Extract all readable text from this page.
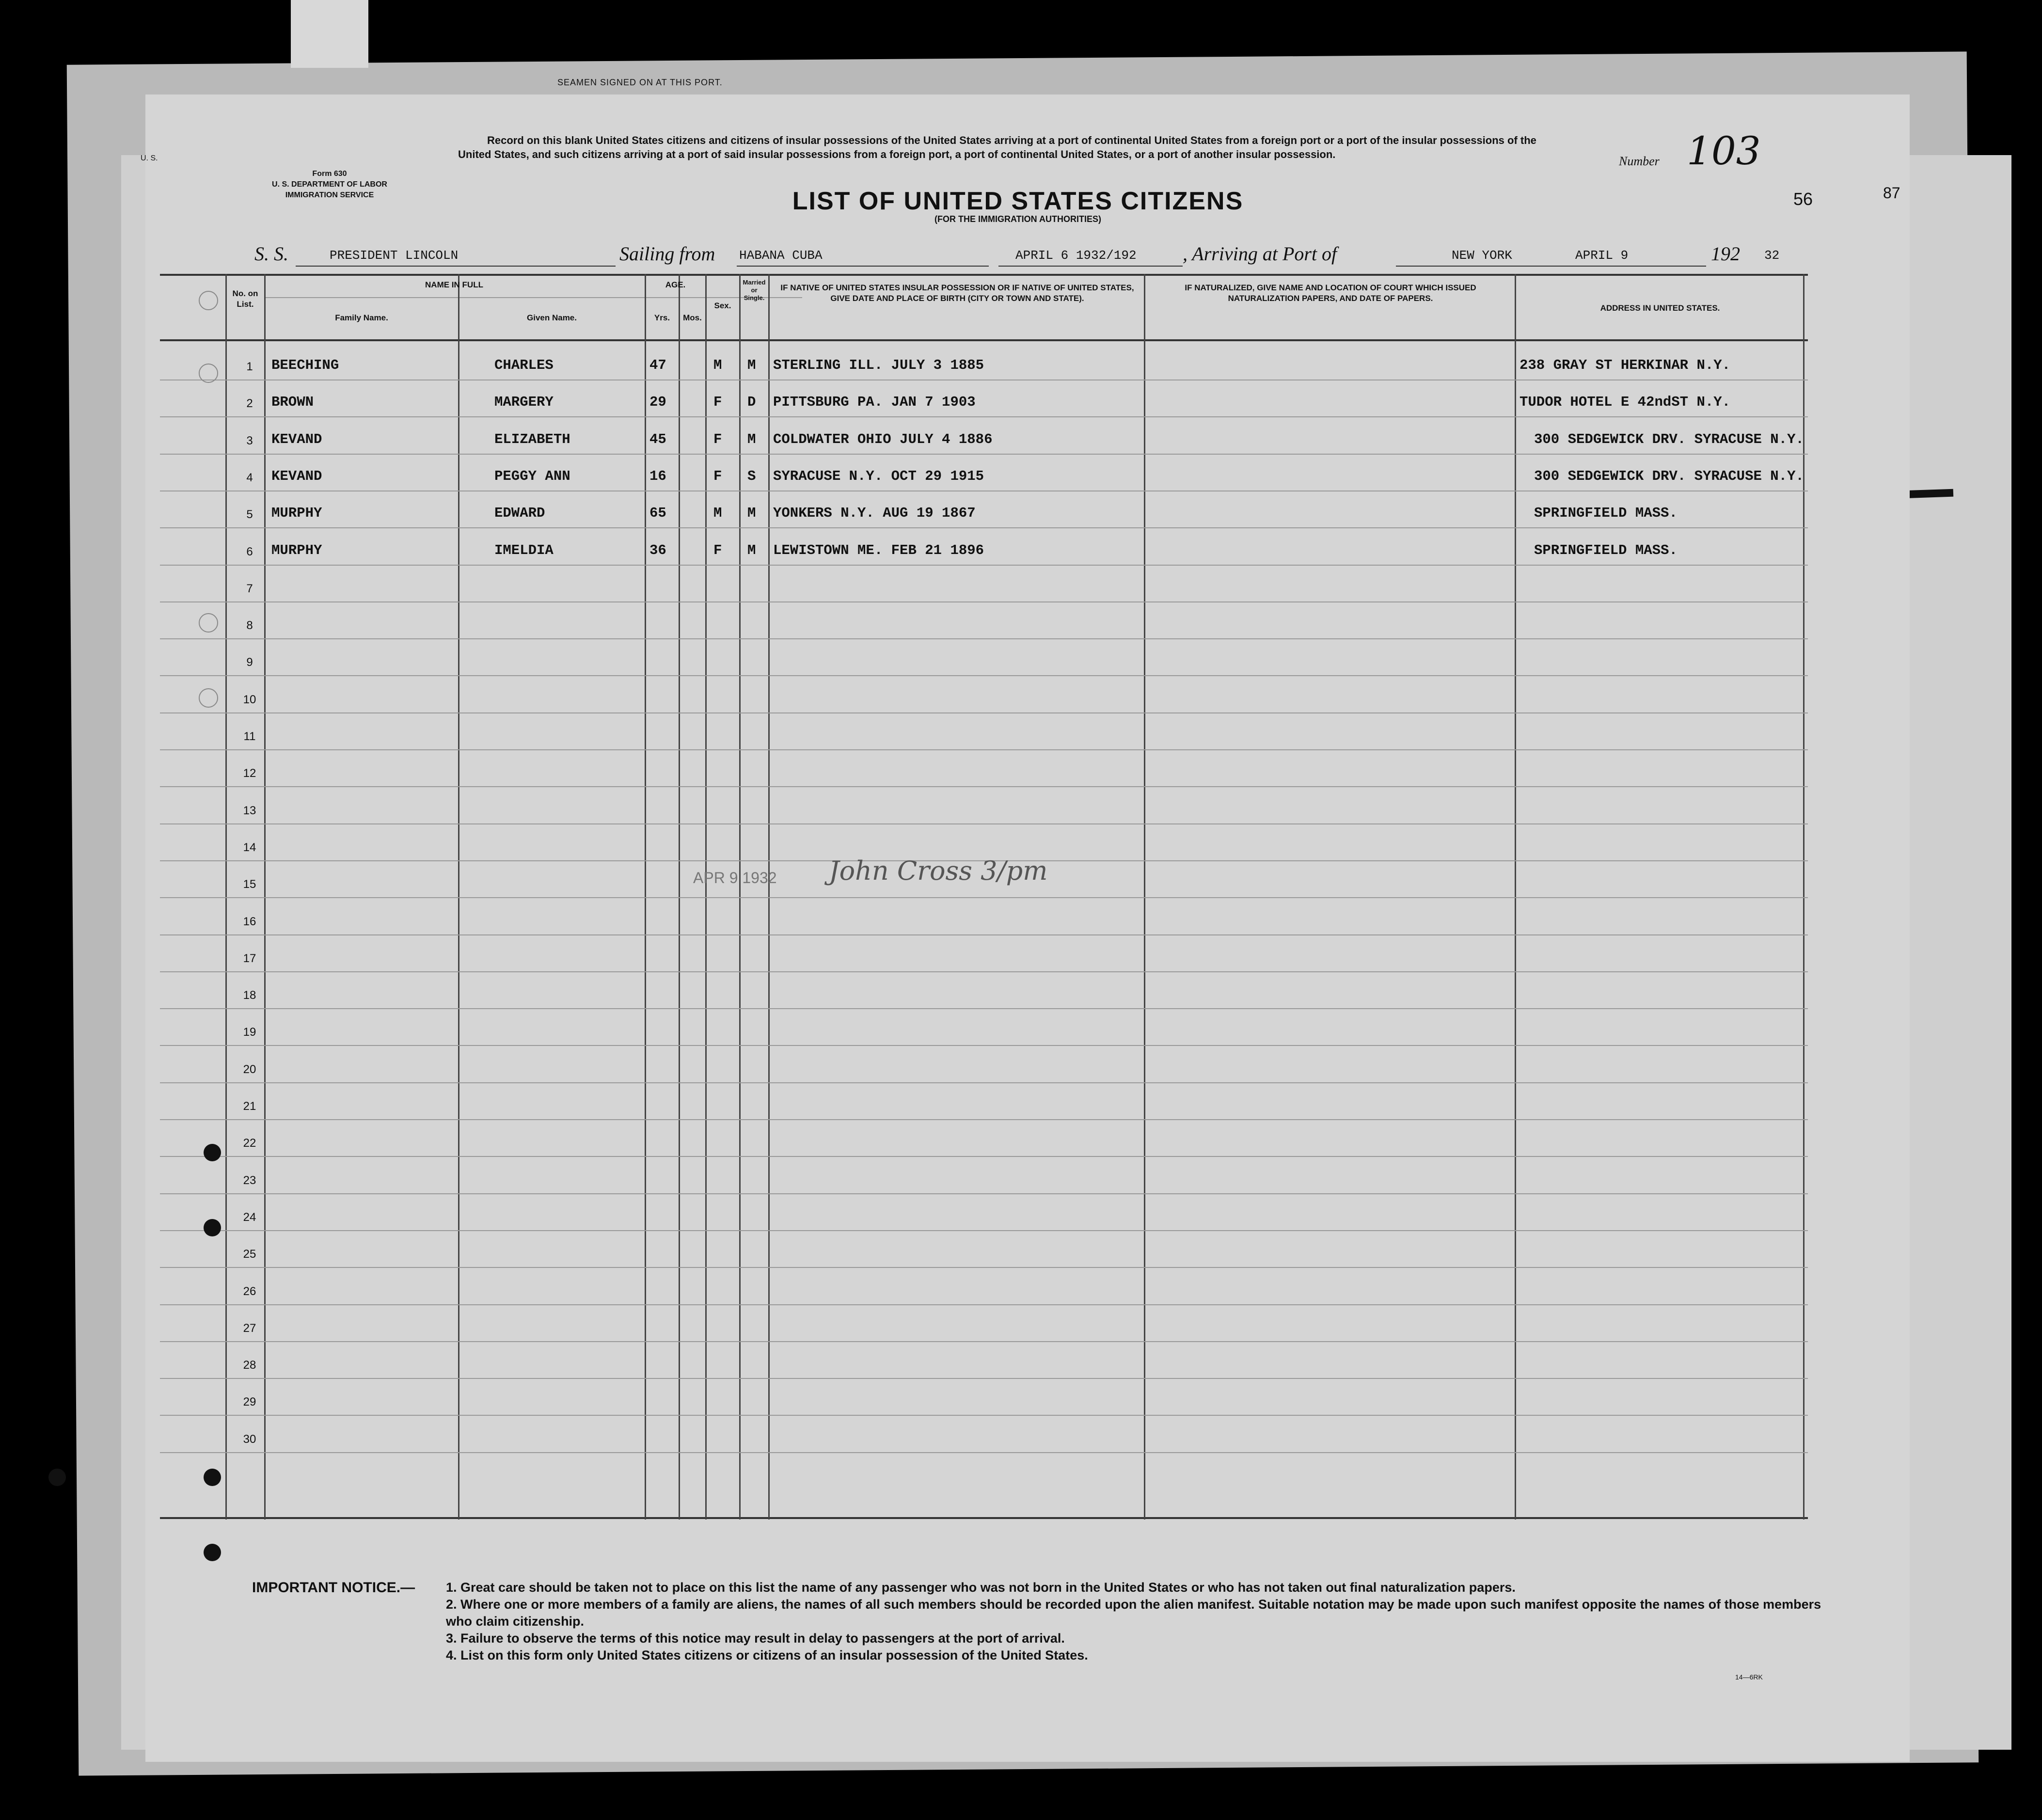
SEAMEN SIGNED ON AT THIS PORT.
U. S.
Form 630
U. S. DEPARTMENT OF LABOR
IMMIGRATION SERVICE
Record on this blank United States citizens and citizens of insular possessions of the United States arriving at a port of continental United States from a foreign port or a port of the insular possessions of the United States, and such citizens arriving at a port of said insular possessions from a foreign port, a port of continental United States, or a port of another insular possession.	Number 103
56	87
LIST OF UNITED STATES CITIZENS
(FOR THE IMMIGRATION AUTHORITIES)
S. S.	PRESIDENT LINCOLN	Sailing from HABANA CUBA	APRIL 6 1932/192 , Arriving at Port of	NEW YORK	APRIL 9	192 32
No. on List.
NAME IN FULL
Family Name.	Given Name.
AGE.
Yrs.	Mos.
Sex.
Married or Single.
IF NATIVE OF UNITED STATES INSULAR POSSESSION OR IF NATIVE OF UNITED STATES, GIVE DATE AND PLACE OF BIRTH (CITY OR TOWN AND STATE).
IF NATURALIZED, GIVE NAME AND LOCATION OF COURT WHICH ISSUED NATURALIZATION PAPERS, AND DATE OF PAPERS.
ADDRESS IN UNITED STATES.
1	BEECHING	CHARLES	47	M M STERLING ILL. JULY 3 1885	238 GRAY ST HERKINAR N.Y.
2	BROWN	MARGERY	29	F D PITTSBURG PA. JAN 7 1903	TUDOR HOTEL E 42ndST N.Y.
3	KEVAND	ELIZABETH	45	F M COLDWATER OHIO JULY 4 1886	300 SEDGEWICK DRV. SYRACUSE N.Y.
4	KEVAND	PEGGY ANN	16	F S SYRACUSE N.Y. OCT 29 1915	300 SEDGEWICK DRV. SYRACUSE N.Y.
5	MURPHY	EDWARD	65	M M YONKERS N.Y. AUG 19 1867	SPRINGFIELD MASS.
6	MURPHY	IMELDIA	36	F M LEWISTOWN ME. FEB 21 1896	SPRINGFIELD MASS.
7
8
9
10
11
12
13
14
15
16
17
18
19
20
21
22
23
24
25
26
27
28
29
30
APR 9 1932 John Cross 3/pm
IMPORTANT NOTICE.— 1. Great care should be taken not to place on this list the name of any passenger who was not born in the United States or who has not taken out final naturalization papers.

2. Where one or more members of a family are aliens, the names of all such members should be recorded upon the alien manifest. Suitable notation may be made upon such manifest opposite the names of those members who claim citizenship.

3. Failure to observe the terms of this notice may result in delay to passengers at the port of arrival.

4. List on this form only United States citizens or citizens of an insular possession of the United States.

14—6RK
